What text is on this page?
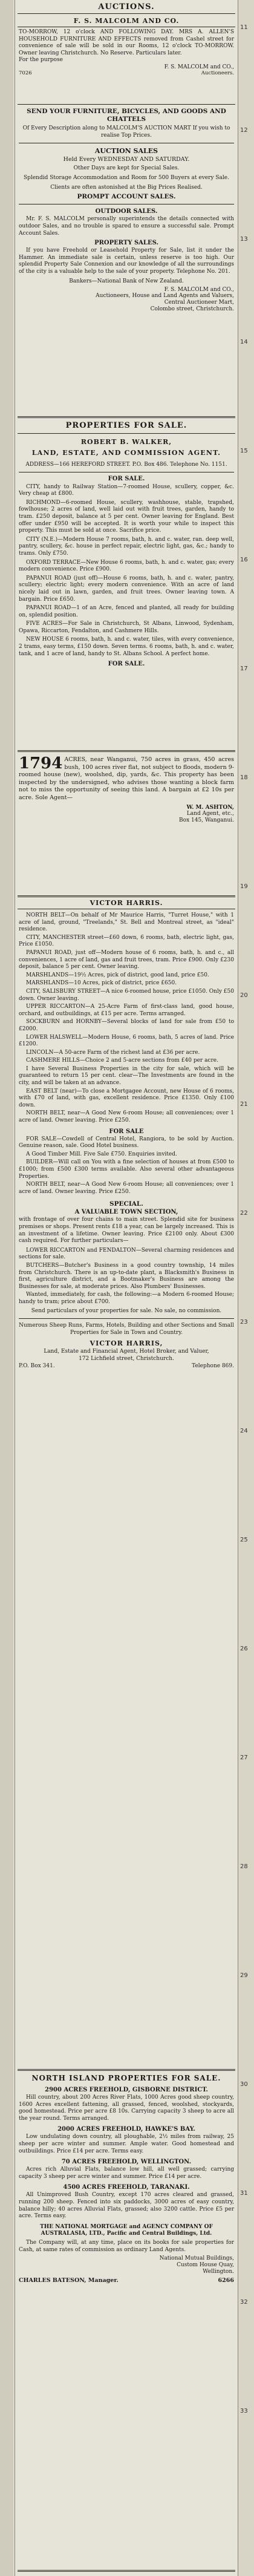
11
12
13
14
15
16
17
18
19
20
21
22
23
24
25
26
27
28
29
30
31
32
33
AUCTIONS.
F. S. MALCOLM AND CO.

TO-MORROW, 12 o'clock AND FOLLOWING DAY. MRS A. ALLEN'S HOUSEHOLD FURNITURE AND EFFECTS removed from Cashel street for convenience of sale will be sold in our Rooms, 12 o'clock TO-MORROW. Owner leaving Christchurch. No Reserve. Particulars later.

For the purpose

F. S. MALCOLM and CO.,
7026	Auctioneers.
SEND YOUR FURNITURE, BICYCLES, AND GOODS AND CHATTELS

Of Every Description along to MALCOLM'S AUCTION MART If you wish to realise Top Prices.

AUCTION SALES
Held Every WEDNESDAY AND SATURDAY.
Other Days are kept for Special Sales.

Splendid Storage Accommodation and Room for 500 Buyers at every Sale.

Clients are often astonished at the Big Prices Realised.

PROMPT ACCOUNT SALES.
OUTDOOR SALES.

Mr. F. S. MALCOLM personally superintends the details connected with outdoor Sales, and no trouble is spared to ensure a successful sale. Prompt Account Sales.

PROPERTY SALES.

If you have Freehold or Leasehold Property for Sale, list it under the Hammer. An immediate sale is certain, unless reserve is too high. Our splendid Property Sale Connexion and our knowledge of all the surroundings of the city is a valuable help to the sale of your property. Telephone No. 201.

Bankers—National Bank of New Zealand.

F. S. MALCOLM and CO.,
Auctioneers, House and Land Agents and Valuers,
Central Auctioneer Mart,
Colombo street, Christchurch.
PROPERTIES FOR SALE.
ROBERT B. WALKER,
LAND, ESTATE, AND COMMISSION AGENT.

ADDRESS—166 HEREFORD STREET. P.O. Box 486. Telephone No. 1151.

FOR SALE.

CITY, handy to Railway Station—7-roomed House, scullery, copper, &c. Very cheap at £800.

RICHMOND—6-roomed House, scullery, washhouse, stable, trapshed, fowlhouse; 2 acres of land, well laid out with fruit trees, garden, handy to tram. £250 deposit, balance at 5 per cent. Owner leaving for England. Best offer under £950 will be accepted. It is worth your while to inspect this property. This must be sold at once. Sacrifice price.

CITY (N.E.)—Modern House 7 rooms, bath, h. and c. water, ran. deep well, pantry, scullery, &c. house in perfect repair, electric light, gas, &c.; handy to trams. Only £750.

OXFORD TERRACE—New House 6 rooms, bath, h. and c. water, gas; every modern convenience. Price £900.

PAPANUI ROAD (just off)—House 6 rooms, bath, h. and c. water, pantry, scullery; electric light; every modern convenience. With an acre of land nicely laid out in lawn, garden, and fruit trees. Owner leaving town. A bargain. Price £650.

PAPANUI ROAD—1 of an Acre, fenced and planted, all ready for building on, splendid position.

FIVE ACRES—For Sale in Christchurch, St Albans, Linwood, Sydenham, Opawa, Riccarton, Fendalton, and Cashmere Hills.

NEW HOUSE 6 rooms, bath, h. and c. water, tiles, with every convenience, 2 trams, easy terms, £150 down. Seven terms. 6 rooms, bath, h. and c. water, tank, and 1 acre of land, handy to St. Albans School. A perfect home.

FOR SALE.
1794 ACRES, near Wanganui, 750 acres in grass, 450 acres bush, 100 acres river flat, not subject to floods, modern 9-roomed house (new), woolshed, dip, yards, &c. This property has been inspected by the undersigned, who advises those wanting a block farm not to miss the opportunity of seeing this land. A bargain at £2 10s per acre. Sole Agent—

W. M. ASHTON,
Land Agent, etc.,
Box 145, Wanganui.
VICTOR HARRIS.

NORTH BELT—On behalf of Mr Maurice Harris, "Turret House," with 1 acre of land, ground, "Treelands," St. Bell and Montreal street, as "ideal" residence.

CITY, MANCHESTER street—£60 down, 6 rooms, bath, electric light, gas, Price £1050.

PAPANUI ROAD, just off—Modern house of 6 rooms, bath, h. and c., all conveniences, 1 acre of land, gas and fruit trees, tram. Price £900. Only £230 deposit, balance 5 per cent. Owner leaving.

MARSHLANDS—19½ Acres, pick of district, good land, price £50.

MARSHLANDS—10 Acres, pick of district, price £650.

CITY, SALISBURY STREET—A nice 6-roomed house, price £1050. Only £50 down. Owner leaving.

UPPER RICCARTON—A 25-Acre Farm of first-class land, good house, orchard, and outbuildings, at £15 per acre. Terms arranged.

SOCKBURN and HORNBY—Several blocks of land for sale from £50 to £2000.

LOWER HALSWELL—Modern House, 6 rooms, bath, 5 acres of land. Price £1200.

LINCOLN—A 50-acre Farm of the richest land at £36 per acre.

CASHMERE HILLS—Choice 2 and 5-acre sections from £40 per acre.

I have Several Business Properties in the city for sale, which will be guaranteed to return 15 per cent. clear—The Investments are found in the city, and will be taken at an advance.

EAST BELT (near)—To close a Mortgagee Account, new House of 6 rooms, with £70 of land, with gas, excellent residence. Price £1350. Only £100 down.

NORTH BELT, near—A Good New 6-room House; all conveniences; over 1 acre of land. Owner leaving. Price £250.

FOR SALE

FOR SALE—Cowdell of Central Hotel, Rangiora, to be sold by Auction. Genuine reason, sale. Good Hotel business.

A Good Timber Mill. Five Sale £750. Enquiries invited.

BUILDER—Will call on You with a fine selection of houses at from £500 to £1000; from £500 £300 terms available. Also several other advantageous Properties.

NORTH BELT, near—A Good New 6-room House; all conveniences; over 1 acre of land. Owner leaving. Price £250.

SPECIAL.
A VALUABLE TOWN SECTION,

with frontage of over four chains to main street. Splendid site for business premises or shops. Present rents £18 a year, can be largely increased. This is an investment of a lifetime. Owner leaving. Price £2100 only. About £300 cash required. For further particulars—

LOWER RICCARTON and FENDALTON—Several charming residences and sections for sale.

BUTCHERS—Butcher's Business in a good country township, 14 miles from Christchurch. There is an up-to-date plant, a Blacksmith's Business in first, agriculture district, and a Bootmaker's Business are among the Businesses for sale, at moderate prices. Also Plumbers' Businesses.

Wanted, immediately, for cash, the following:—a Modern 6-roomed House; handy to tram; price about £700.

Send particulars of your properties for sale. No sale, no commission.

Numerous Sheep Runs, Farms, Hotels, Building and other Sections and Small Properties for Sale in Town and Country.

VICTOR HARRIS,

Land, Estate and Financial Agent, Hotel Broker, and Valuer,

172 Lichfield street, Christchurch.

P.O. Box 341.	Telephone 869.
NORTH ISLAND PROPERTIES FOR SALE.
2900 ACRES FREEHOLD, GISBORNE DISTRICT.

Hill country, about 200 Acres River Flats, 1000 Acres good sheep country, 1600 Acres excellent fattening, all grassed, fenced, woolshed, stockyards, good homestead. Price per acre £8 10s. Carrying capacity 3 sheep to acre all the year round. Terms arranged.

2000 ACRES FREEHOLD, HAWKE'S BAY.

Low undulating down country, all ploughable, 2½ miles from railway, 25 sheep per acre winter and summer. Ample water. Good homestead and outbuildings. Price £14 per acre. Terms easy.

70 ACRES FREEHOLD, WELLINGTON.

Acres rich Alluvial Flats, balance low hill, all well grassed; carrying capacity 3 sheep per acre winter and summer. Price £14 per acre.

4500 ACRES FREEHOLD, TARANAKI.

All Unimproved Bush Country, except 170 acres cleared and grassed, running 200 sheep. Fenced into six paddocks, 3000 acres of easy country, balance hilly; 40 acres Alluvial Flats, grassed; also 3200 cattle. Price £5 per acre. Terms easy.

THE NATIONAL MORTGAGE and AGENCY COMPANY OF AUSTRALASIA, LTD., Pacific and Central Buildings, Ltd.

The Company will, at any time, place on its books for sale properties for Cash, at same rates of commission as ordinary Land Agents.

National Mutual Buildings,
Custom House Quay,
Wellington.
CHARLES BATESON, Manager.	6266
